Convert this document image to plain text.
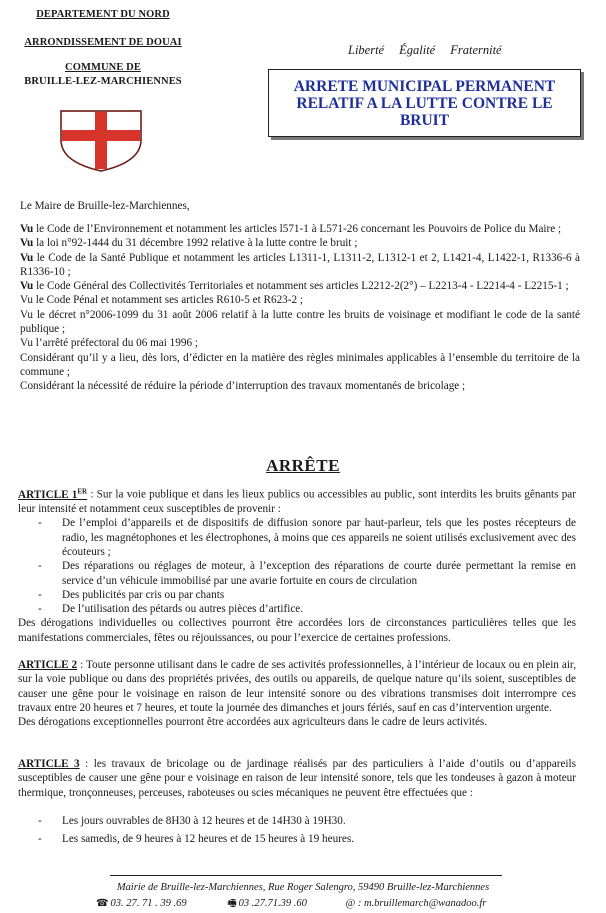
DEPARTEMENT DU NORD
ARRONDISSEMENT DE DOUAI
COMMUNE DE
BRUILLE-LEZ-MARCHIENNES
Liberté Égalité Fraternité
ARRETE MUNICIPAL PERMANENT RELATIF A LA LUTTE CONTRE LE BRUIT
Le Maire de Bruille-lez-Marchiennes,

Vu le Code de l’Environnement et notamment les articles l571-1 à L571-26 concernant les Pouvoirs de Police du Maire ;

Vu la loi n°92-1444 du 31 décembre 1992 relative à la lutte contre le bruit ;

Vu le Code de la Santé Publique et notamment les articles L1311-1, L1311-2, L1312-1 et 2, L1421-4, L1422-1, R1336-6 à R1336-10 ;

Vu le Code Général des Collectivités Territoriales et notamment ses articles L2212-2(2°) – L2213-4 - L2214-4 - L2215-1 ;

Vu le Code Pénal et notamment ses articles R610-5 et R623-2 ;

Vu le décret n°2006-1099 du 31 août 2006 relatif à la lutte contre les bruits de voisinage et modifiant le code de la santé publique ;

Vu l’arrêté préfectoral du 06 mai 1996 ;

Considérant qu’il y a lieu, dès lors, d’édicter en la matière des règles minimales applicables à l’ensemble du territoire de la commune ;

Considérant la nécessité de réduire la période d’interruption des travaux momentanés de bricolage ;

ARRÊTE

ARTICLE 1ER : Sur la voie publique et dans les lieux publics ou accessibles au public, sont interdits les bruits gênants par leur intensité et notamment ceux susceptibles de provenir :

- De l’emploi d’appareils et de dispositifs de diffusion sonore par haut-parleur, tels que les postes récepteurs de radio, les magnétophones et les électrophones, à moins que ces appareils ne soient utilisés exclusivement avec des écouteurs ;
- Des réparations ou réglages de moteur, à l’exception des réparations de courte durée permettant la remise en service d’un véhicule immobilisé par une avarie fortuite en cours de circulation
- Des publicités par cris ou par chants
- De l’utilisation des pétards ou autres pièces d’artifice.

Des dérogations individuelles ou collectives pourront être accordées lors de circonstances particulières telles que les manifestations commerciales, fêtes ou réjouissances, ou pour l’exercice de certaines professions.

ARTICLE 2 : Toute personne utilisant dans le cadre de ses activités professionnelles, à l’intérieur de locaux ou en plein air, sur la voie publique ou dans des propriétés privées, des outils ou appareils, de quelque nature qu’ils soient, susceptibles de causer une gêne pour le voisinage en raison de leur intensité sonore ou des vibrations transmises doit interrompre ces travaux entre 20 heures et 7 heures, et toute la journée des dimanches et jours fériés, sauf en cas d’intervention urgente.

Des dérogations exceptionnelles pourront être accordées aux agriculteurs dans le cadre de leurs activités.

ARTICLE 3 : les travaux de bricolage ou de jardinage réalisés par des particuliers à l’aide d’outils ou d’appareils susceptibles de causer une gêne pour e voisinage en raison de leur intensité sonore, tels que les tondeuses à gazon à moteur thermique, tronçonneuses, perceuses, raboteuses ou scies mécaniques ne peuvent être effectuées que :

- Les jours ouvrables de 8H30 à 12 heures et de 14H30 à 19H30.
- Les samedis, de 9 heures à 12 heures et de 15 heures à 19 heures.
Mairie de Bruille-lez-Marchiennes, Rue Roger Salengro, 59490 Bruille-lez-Marchiennes
☎ 03. 27. 71 . 39 .69	🖷 03 .27.71.39 .60	@ : m.bruillemarch@wanadoo.fr
